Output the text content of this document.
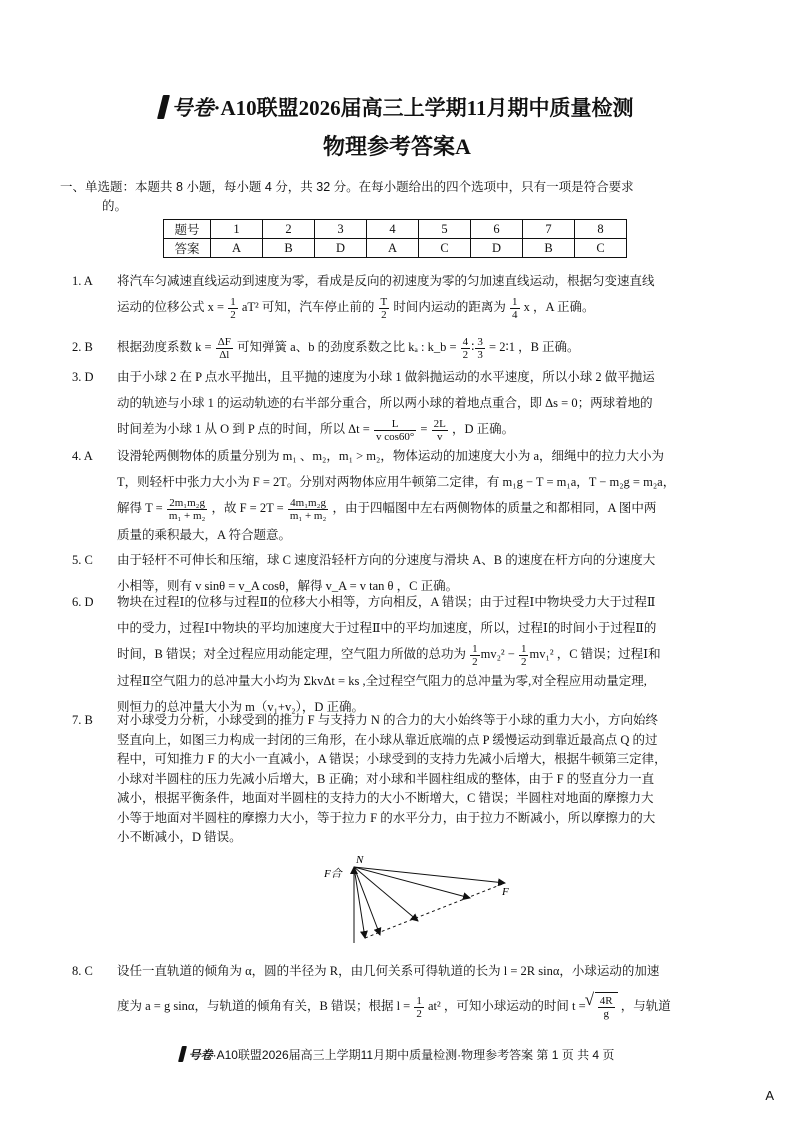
号卷·A10联盟2026届高三上学期11月期中质量检测
物理参考答案A
一、单选题：本题共 8 小题，每小题 4 分，共 32 分。在每小题给出的四个选项中，只有一项是符合要求
的。
题号	1	2	3	4	5	6	7	8
答案	A	B	D	A	C	D	B	C
1. A	将汽车匀减速直线运动到速度为零，看成是反向的初速度为零的匀加速直线运动，根据匀变速直线
运动的位移公式 $x = \frac{1}{2} aT^2$ 可知，汽车停止前的 $\frac{T}{2}$ 时间内运动的距离为 $\frac{1}{4}$ x ，A 正确。
2. B	根据劲度系数 $k = \frac{\Delta F}{\Delta l}$ 可知弹簧 a、b 的劲度系数之比 kₐ : k_b = $\frac{4}{2}$ ∶ $\frac{3}{3}$ = 2∶1 ，B 正确。
3. D	由于小球 2 在 P 点水平抛出，且平抛的速度为小球 1 做斜抛运动的水平速度，所以小球 2 做平抛运
动的轨迹与小球 1 的运动轨迹的右半部分重合，所以两小球的着地点重合，即 Δs = 0；两球着地的
时间差为小球 1 从 O 到 P 点的时间，所以 $\Delta t = \frac{L}{\text{v cos60°}} = \frac{2L}{v}$ ，D 正确。
4. A	设滑轮两侧物体的质量分别为 m₁ 、m₂，m₁ > m₂，物体运动的加速度大小为 a，细绳中的拉力大小为
T，则轻杆中张力大小为 F = 2T。分别对两物体应用牛顿第二定律，有 m₁g − T = m₁a，T − m₂g = m₂a，
解得 $T = \frac{\text{2m₁m₂g}}{\text{m₁ + m₂}}$ ，故 $F = 2T = \frac{\text{4m₁m₂g}}{\text{m₁ + m₂}}$ ，由于四幅图中左右两侧物体的质量之和都相同，A 图中两
质量的乘积最大，A 符合题意。
5. C	由于轻杆不可伸长和压缩，球 C 速度沿轻杆方向的分速度与滑块 A、B 的速度在杆方向的分速度大
小相等，则有 v sinθ = v_A cosθ，解得 v_A = v tan θ ，C 正确。
6. D	物块在过程Ⅰ的位移与过程Ⅱ的位移大小相等，方向相反，A 错误；由于过程Ⅰ中物块受力大于过程Ⅱ
中的受力，过程Ⅰ中物块的平均加速度大于过程Ⅱ中的平均加速度，所以，过程Ⅰ的时间小于过程Ⅱ的
时间，B 错误；对全过程应用动能定理，空气阻力所做的总功为 $\frac{1}{2} mv_2^2 - \frac{1}{2} mv_1^2$ ，C 错误；过程Ⅰ和
过程Ⅱ空气阻力的总冲量大小均为 ΣkvΔt = ks ,全过程空气阻力的总冲量为零,对全程应用动量定理,
则恒力的总冲量大小为 m（v₁+v₂），D 正确。
7. B	对小球受力分析，小球受到的推力 F 与支持力 N 的合力的大小始终等于小球的重力大小，方向始终
竖直向上，如图三力构成一封闭的三角形，在小球从靠近底端的点 P 缓慢运动到靠近最高点 Q 的过
程中，可知推力 F 的大小一直减小，A 错误；小球受到的支持力先减小后增大，根据牛顿第三定律，
小球对半圆柱的压力先减小后增大，B 正确；对小球和半圆柱组成的整体，由于 F 的竖直分力一直
减小，根据平衡条件，地面对半圆柱的支持力的大小不断增大，C 错误；半圆柱对地面的摩擦力大
小等于地面对半圆柱的摩擦力大小，等于拉力 F 的水平分力，由于拉力不断减小，所以摩擦力的大
小不断减小，D 错误。
N
F合
F
8. C	设任一直轨道的倾角为 α，圆的半径为 R，由几何关系可得轨道的长为 l = 2R sinα，小球运动的加速
度为 a = g sinα，与轨道的倾角有关，B 错误；根据 $l = \frac{1}{2} at^2$ ，可知小球运动的时间 t = √ $\frac{4R}{g}$ ，与轨道
号卷·A10联盟2026届高三上学期11月期中质量检测·物理参考答案 第 1 页 共 4 页
A
